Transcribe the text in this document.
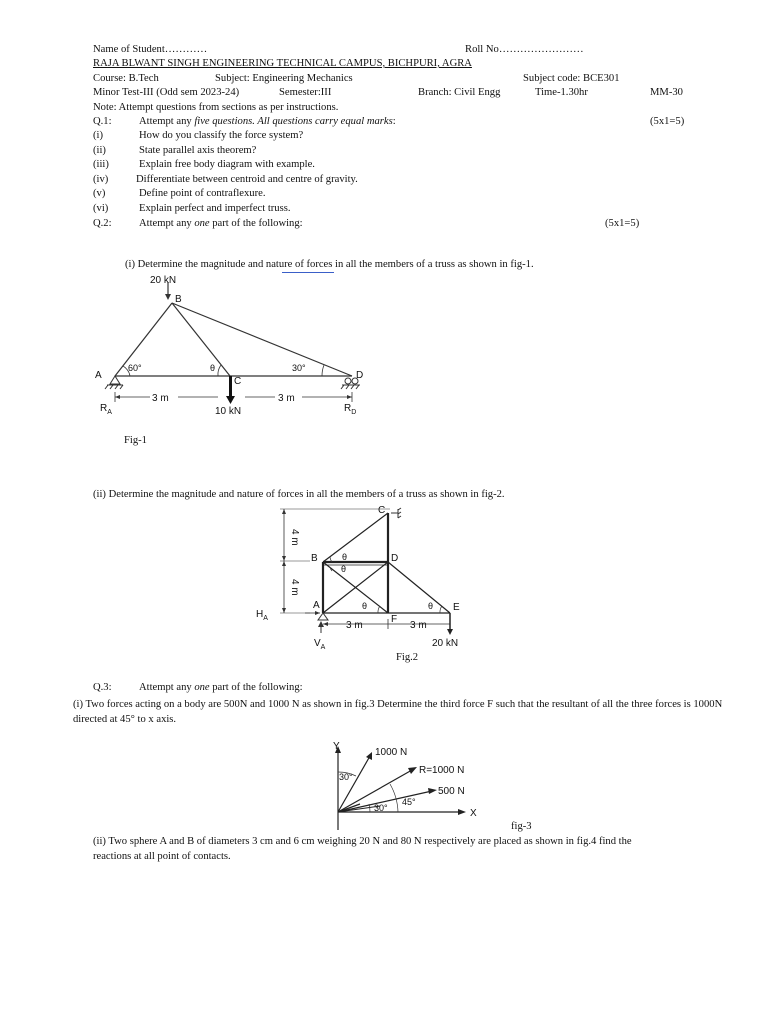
Name of Student…………	Roll No……………………
RAJA BLWANT SINGH ENGINEERING TECHNICAL CAMPUS, BICHPURI, AGRA
Course: B.Tech	Subject: Engineering Mechanics	Subject code: BCE301
Minor Test-III (Odd sem 2023-24)	Semester:III	Branch: Civil Engg	Time-1.30hr	MM-30
Note: Attempt questions from sections as per instructions.
Q.1:	Attempt any five questions. All questions carry equal marks:	(5x1=5)
(i)	How do you classify the force system?
(ii)	State parallel axis theorem?
(iii)	Explain free body diagram with example.
(iv)	Differentiate between centroid and centre of gravity.
(v)	Define point of contraflexure.
(vi)	Explain perfect and imperfect truss.
Q.2:	Attempt any one part of the following:	(5x1=5)
(i) Determine the magnitude and nature of forces in all the members of a truss as shown in fig-1.
20 kN
B
C
10 kN
A	D
60°	θ	30°
3 m	3 m
$R_A$	$R_D$
Fig-1
(ii) Determine the magnitude and nature of forces in all the members of a truss as shown in fig-2.
4 m
4 m
C
B	D
A
F
E
θ
θ
θ	θ
$H_A$
$V_A$
3 m	3 m
20 kN
Fig.2
Q.3:	Attempt any one part of the following:
(i) Two forces acting on a body are 500N and 1000 N as shown in fig.3 Determine the third force F such that the resultant of all the three forces is 1000N directed at 45° to x axis.
Y
X
1000 N
R=1000 N
500 N
30°
45°
30°
fig-3
(ii) Two sphere A and B of diameters 3 cm and 6 cm weighing 20 N and 80 N respectively are placed as shown in fig.4 find the
reactions at all point of contacts.
